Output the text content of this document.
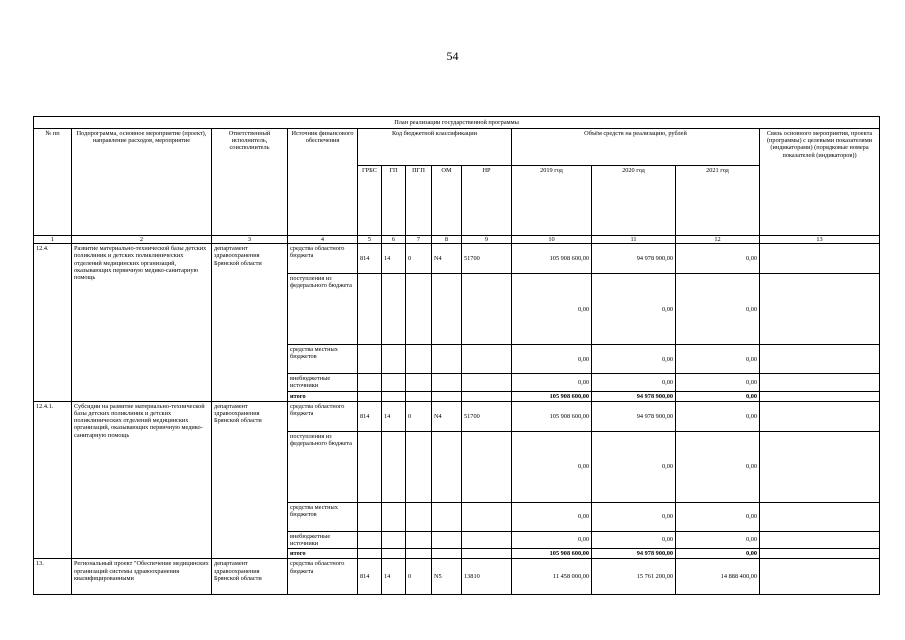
54
План реализации государственной программы												
№ пп	Подпрограмма, основное мероприятие (проект), направление расходов, мероприятие	Ответственный исполнитель, соисполнитель	Источник финансового обеспечения	Код бюджетной классификации					Объём средств на реализацию, рублей			Связь основного мероприятия, проекта (программы) с целевыми показателями (индикаторами) (порядковые номера показателей (индикаторов))
				ГРБС	ГП	ПГП	ОМ	НР	2019 год	2020 год	2021 год	
1	2	3	4	5	6	7	8	9	10	11	12	13
12.4.	Развитие материально-технической базы детских поликлиник и детских поликлинических отделений медицинских организаций, оказывающих первичную медико-санитарную помощь	департамент здравоохранения Брянской области	средства областного бюджета	814	14	0	N4	51700	105 908 600,00	94 978 900,00	0,00	
			поступления из федерального бюджета						0,00	0,00	0,00	
			средства местных бюджетов						0,00	0,00	0,00	
			внебюджетные источники						0,00	0,00	0,00	
			итого						105 908 600,00	94 978 900,00	0,00	
12.4.1.	Субсидии на развитие материально-технической базы детских поликлиник и детских поликлинических отделений медицинских организаций, оказывающих первичную медико-санитарную помощь	департамент здравоохранения Брянской области	средства областного бюджета	814	14	0	N4	51700	105 908 600,00	94 978 900,00	0,00	
			поступления из федерального бюджета						0,00	0,00	0,00	
			средства местных бюджетов						0,00	0,00	0,00	
			внебюджетные источники						0,00	0,00	0,00	
			итого						105 908 600,00	94 978 900,00	0,00	
13.	Региональный проект "Обеспечение медицинских организаций системы здравоохранения квалифицированными	департамент здравоохранения Брянской области	средства областного бюджета	814	14	0	N5	13810	11 458 000,00	15 761 200,00	14 888 400,00	
